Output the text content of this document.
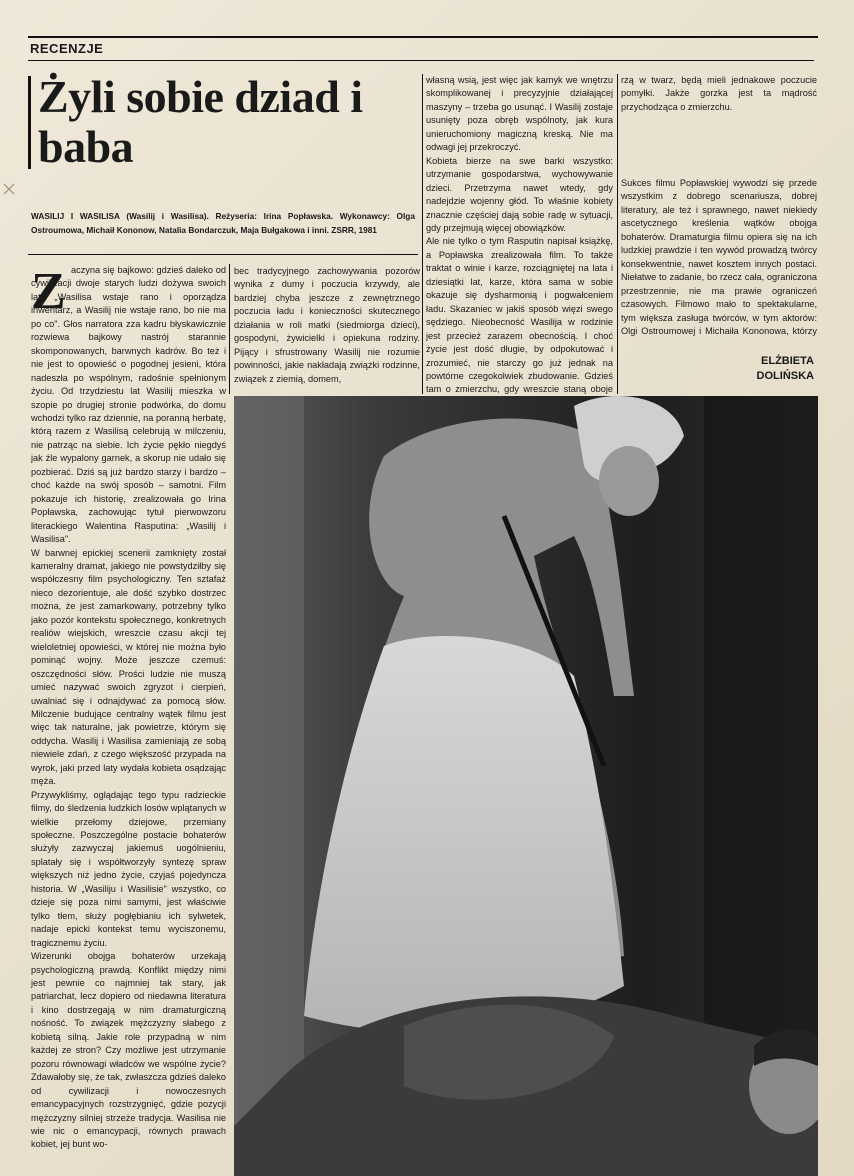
RECENZJE
Żyli sobie dziad i baba
WASILIJ I WASILISA (Wasilij i Wasilisa). Reżyseria: Irina Popławska. Wykonawcy: Olga Ostroumowa, Michaił Kononow, Natalia Bondarczuk, Maja Bułgakowa i inni. ZSRR, 1981
Z aczyna się bajkowo: gdzieś daleko od cywilizacji dwoje starych ludzi dożywa swoich lat. „Wasilisa wstaje rano i oporządza inwentarz, a Wasilij nie wstaje rano, bo nie ma po co". Głos narratora zza kadru błyskawicznie rozwiewa bajkowy nastrój starannie skomponowanych, barwnych kadrów. Bo też i nie jest to opowieść o pogodnej jesieni, która nadeszła po wspólnym, radośnie spełnionym życiu. Od trzydziestu lat Wasilij mieszka w szopie po drugiej stronie podwórka, do domu wchodzi tylko raz dziennie, na poranną herbatę, którą razem z Wasilisą celebrują w milczeniu, nie patrząc na siebie. Ich życie pękło niegdyś jak źle wypalony garnek, a skorup nie udało się pozbierać. Dziś są już bardzo starzy i bardzo – choć każde na swój sposób – samotni. Film pokazuje ich historię, zrealizowała go Irina Popławska, zachowując tytuł pierwowzoru literackiego Walentina Rasputina: „Wasilij i Wasilisa".
W barwnej epickiej scenerii zamknięty został kameralny dramat, jakiego nie powstydziłby się współczesny film psychologiczny. Ten sztafaż nieco dezorientuje, ale dość szybko dostrzec można, że jest zamarkowany, potrzebny tylko jako pozór kontekstu społecznego, konkretnych realiów wiejskich, wreszcie czasu akcji tej wieloletniej opowieści, w której nie można było pominąć wojny. Może jeszcze czemuś: oszczędności słów. Prości ludzie nie muszą umieć nazywać swoich zgryzot i cierpień, uwalniać się i odnajdywać za pomocą słów. Milczenie budujące centralny wątek filmu jest więc tak naturalne, jak powietrze, którym się oddycha. Wasilij i Wasilisa zamieniają ze sobą niewiele zdań, z czego większość przypada na wyrok, jaki przed laty wydała kobieta osądzając męża.
Przywykliśmy, oglądając tego typu radzieckie filmy, do śledzenia ludzkich losów wplątanych w wielkie przełomy dziejowe, przemiany społeczne. Poszczególne postacie bohaterów służyły zazwyczaj jakiemuś uogólnieniu, splatały się i współtworzyły syntezę spraw większych niż jedno życie, czyjaś pojedyncza historia. W „Wasiliju i Wasilisie" wszystko, co dzieje się poza nimi samymi, jest właściwie tylko tłem, służy pogłębianiu ich sylwetek, nadaje epicki kontekst temu wyciszonemu, tragicznemu życiu.
Wizerunki obojga bohaterów urzekają psychologiczną prawdą. Konflikt między nimi jest pewnie co najmniej tak stary, jak patriarchat, lecz dopiero od niedawna literatura i kino dostrzegają w nim dramaturgiczną nośność. To związek mężczyzny słabego z kobietą silną. Jakie role przypadną w nim każdej ze stron? Czy możliwe jest utrzymanie pozoru równowagi władców we wspólne życie? Zdawałoby się, że tak, zwłaszcza gdzieś daleko od cywilizacji i nowoczesnych emancypacyjnych rozstrzygnięć, gdzie pozycji mężczyzny silniej strzeże tradycja. Wasilisa nie wie nic o emancypacji, równych prawach kobiet, jej bunt wo-

bec tradycyjnego zachowywania pozorów wynika z dumy i poczucia krzywdy, ale bardziej chyba jeszcze z zewnętrznego poczucia ładu i konieczności skutecznego działania w roli matki (siedmiorga dzieci), gospodyni, żywicielki i opiekuna rodziny. Pijący i sfrustrowany Wasilij nie rozumie powinności, jakie nakładają związki rodzinne, związek z ziemią, domem,

własną wsią, jest więc jak kamyk we wnętrzu skomplikowanej i precyzyjnie działającej maszyny – trzeba go usunąć. I Wasilij zostaje usunięty poza obręb wspólnoty, jak kura unieruchomiony magiczną kreską. Nie ma odwagi jej przekroczyć.
Kobieta bierze na swe barki wszystko: utrzymanie gospodarstwa, wychowywanie dzieci. Przetrzyma nawet wtedy, gdy nadejdzie wojenny głód. To właśnie kobiety znacznie częściej dają sobie radę w sytuacji, gdy przejmują więcej obowiązków.
Ale nie tylko o tym Rasputin napisał książkę, a Popławska zrealizowała film. To także traktat o winie i karze, rozciągniętej na lata i dziesiątki lat, karze, która sama w sobie okazuje się dysharmonią i pogwałceniem ładu. Skazaniec w jakiś sposób więzi swego sędziego. Nieobecność Wasilija w rodzinie jest przecież zarazem obecnością. I choć życie jest dość długie, by odpokutować i zrozumieć, nie starczy go już jednak na powtórne czegokolwiek zbudowanie. Gdzieś tam o zmierzchu, gdy wreszcie staną oboje

rzą w twarz, będą mieli jednakowe poczucie pomyłki. Jakże gorzka jest ta mądrość przychodząca o zmierzchu.

Sukces filmu Popławskiej wywodzi się przede wszystkim z dobrego scenariusza, dobrej literatury, ale też i sprawnego, nawet niekiedy ascetycznego kreślenia wątków obojga bohaterów. Dramaturgia filmu opiera się na ich ludzkiej prawdzie i ten wywód prowadzą twórcy konsekwentnie, nawet kosztem innych postaci. Niełatwe to zadanie, bo rzecz cała, ograniczona przestrzennie, nie ma prawie ograniczeń czasowych. Filmowo mało to spektakularne, tym większa zasługa twórców, w tym aktorów: Olgi Ostroumowej i Michaiła Kononowa, którzy

ELŻBIETA
DOLIŃSKA
